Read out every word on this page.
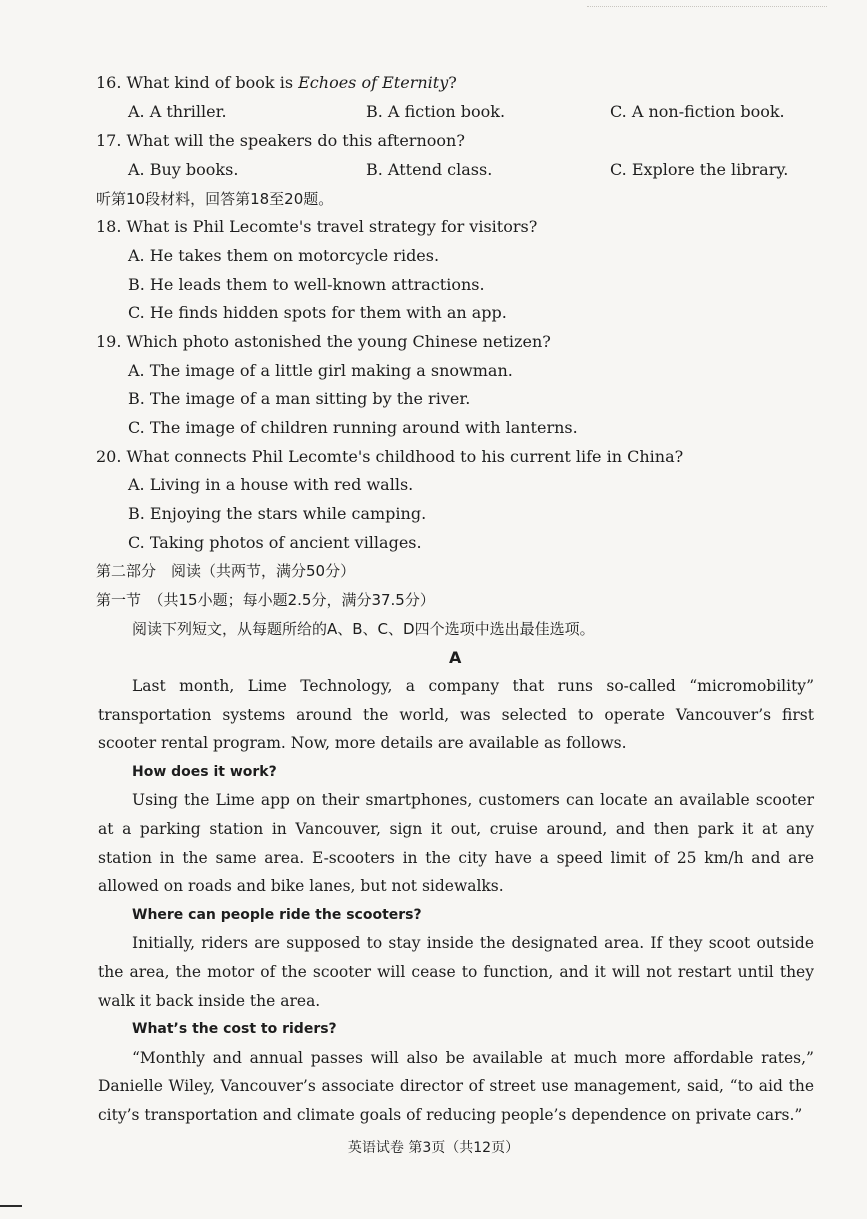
16. What kind of book is Echoes of Eternity?
A. A thriller.	B. A fiction book.	C. A non-fiction book.
17. What will the speakers do this afternoon?
A. Buy books.	B. Attend class.	C. Explore the library.
听第10段材料，回答第18至20题。
18. What is Phil Lecomte's travel strategy for visitors?
A. He takes them on motorcycle rides.
B. He leads them to well-known attractions.
C. He finds hidden spots for them with an app.
19. Which photo astonished the young Chinese netizen?
A. The image of a little girl making a snowman.
B. The image of a man sitting by the river.
C. The image of children running around with lanterns.
20. What connects Phil Lecomte's childhood to his current life in China?
A. Living in a house with red walls.
B. Enjoying the stars while camping.
C. Taking photos of ancient villages.
第二部分　阅读（共两节，满分50分）
第一节　（共15小题；每小题2.5分，满分37.5分）
阅读下列短文，从每题所给的A、B、C、D四个选项中选出最佳选项。
A

Last month, Lime Technology, a company that runs so-called “micromobility” transportation systems around the world, was selected to operate Vancouver’s first scooter rental program. Now, more details are available as follows.

How does it work?

Using the Lime app on their smartphones, customers can locate an available scooter at a parking station in Vancouver, sign it out, cruise around, and then park it at any station in the same area. E-scooters in the city have a speed limit of 25 km/h and are allowed on roads and bike lanes, but not sidewalks.

Where can people ride the scooters?

Initially, riders are supposed to stay inside the designated area. If they scoot outside the area, the motor of the scooter will cease to function, and it will not restart until they walk it back inside the area.

What’s the cost to riders?

“Monthly and annual passes will also be available at much more affordable rates,” Danielle Wiley, Vancouver’s associate director of street use management, said, “to aid the city’s transportation and climate goals of reducing people’s dependence on private cars.”

英语试卷 第3页（共12页）
